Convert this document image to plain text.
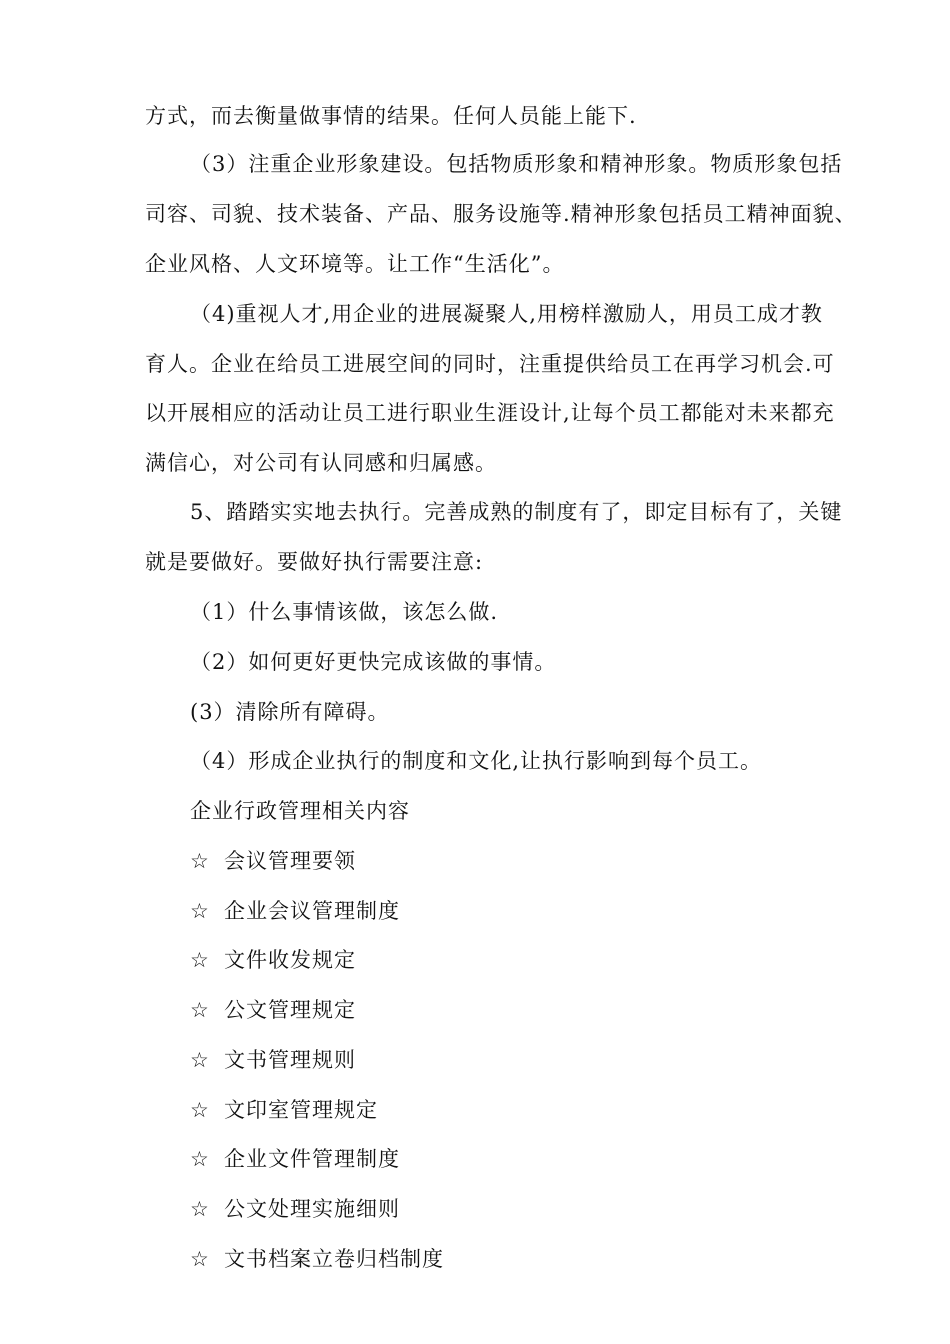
方式，而去衡量做事情的结果。任何人员能上能下.
（3）注重企业形象建设。包括物质形象和精神形象。物质形象包括
司容、司貌、技术装备、产品、服务设施等.精神形象包括员工精神面貌、
企业风格、人文环境等。让工作“生活化”。
（4)重视人才,用企业的进展凝聚人,用榜样激励人，用员工成才教
育人。企业在给员工进展空间的同时，注重提供给员工在再学习机会.可
以开展相应的活动让员工进行职业生涯设计,让每个员工都能对未来都充
满信心，对公司有认同感和归属感。
5、踏踏实实地去执行。完善成熟的制度有了，即定目标有了，关键
就是要做好。要做好执行需要注意:
（1）什么事情该做，该怎么做.
（2）如何更好更快完成该做的事情。
(3）清除所有障碍。
（4）形成企业执行的制度和文化,让执行影响到每个员工。
企业行政管理相关内容
☆ 会议管理要领
☆ 企业会议管理制度
☆ 文件收发规定
☆ 公文管理规定
☆ 文书管理规则
☆ 文印室管理规定
☆ 企业文件管理制度
☆ 公文处理实施细则
☆ 文书档案立卷归档制度
